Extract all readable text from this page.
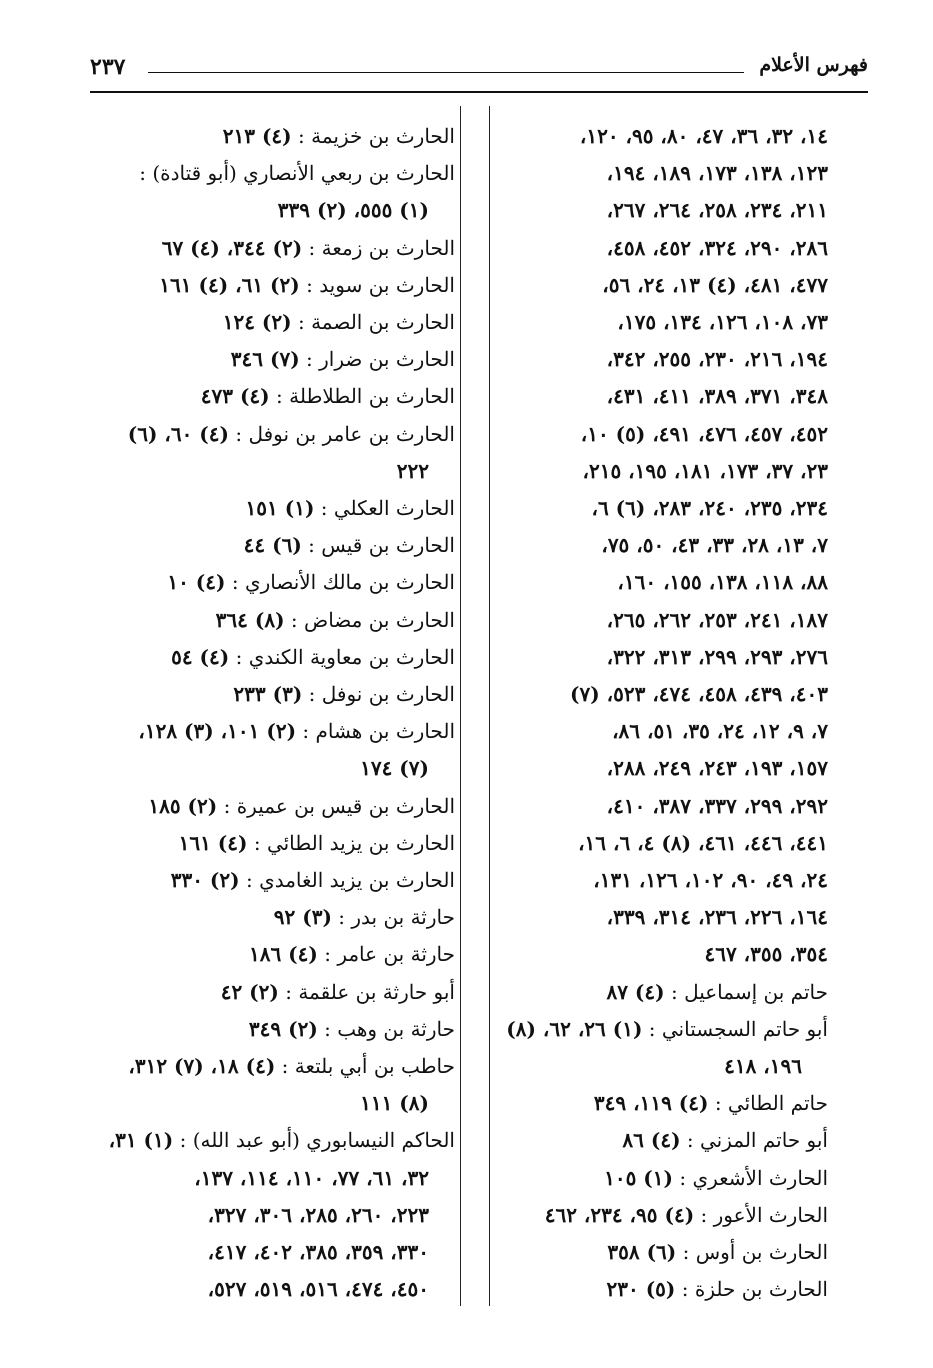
فهرس الأعلام
٢٣٧
١٤، ٣٢، ٣٦، ٤٧، ٨٠، ٩٥، ١٢٠،
١٢٣، ١٣٨، ١٧٣، ١٨٩، ١٩٤،
٢١١، ٢٣٤، ٢٥٨، ٢٦٤، ٢٦٧،
٢٨٦، ٢٩٠، ٣٢٤، ٤٥٢، ٤٥٨،
٤٧٧، ٤٨١، (٤) ١٣، ٢٤، ٥٦،
٧٣، ١٠٨، ١٢٦، ١٣٤، ١٧٥،
١٩٤، ٢١٦، ٢٣٠، ٢٥٥، ٣٤٢،
٣٤٨، ٣٧١، ٣٨٩، ٤١١، ٤٣١،
٤٥٢، ٤٥٧، ٤٧٦، ٤٩١، (٥) ١٠،
٢٣، ٣٧، ١٧٣، ١٨١، ١٩٥، ٢١٥،
٢٣٤، ٢٣٥، ٢٤٠، ٢٨٣، (٦) ٦،
٧، ١٣، ٢٨، ٣٣، ٤٣، ٥٠، ٧٥،
٨٨، ١١٨، ١٣٨، ١٥٥، ١٦٠،
١٨٧، ٢٤١، ٢٥٣، ٢٦٢، ٢٦٥،
٢٧٦، ٢٩٣، ٢٩٩، ٣١٣، ٣٢٢،
٤٠٣، ٤٣٩، ٤٥٨، ٤٧٤، ٥٢٣، (٧)
٧، ٩، ١٢، ٢٤، ٣٥، ٥١، ٨٦،
١٥٧، ١٩٣، ٢٤٣، ٢٤٩، ٢٨٨،
٢٩٢، ٢٩٩، ٣٣٧، ٣٨٧، ٤١٠،
٤٤١، ٤٤٦، ٤٦١، (٨) ٤، ٦، ١٦،
٢٤، ٤٩، ٩٠، ١٠٢، ١٢٦، ١٣١،
١٦٤، ٢٢٦، ٢٣٦، ٣١٤، ٣٣٩،
٣٥٤، ٣٥٥، ٤٦٧
حاتم بن إسماعيل : (٤) ٨٧
أبو حاتم السجستاني : (١) ٢٦، ٦٢، (٨)
١٩٦، ٤١٨
حاتم الطائي : (٤) ١١٩، ٣٤٩
أبو حاتم المزني : (٤) ٨٦
الحارث الأشعري : (١) ١٠٥
الحارث الأعور : (٤) ٩٥، ٢٣٤، ٤٦٢
الحارث بن أوس : (٦) ٣٥٨
الحارث بن حلزة : (٥) ٢٣٠
الحارث بن خزيمة : (٤) ٢١٣
الحارث بن ربعي الأنصاري (أبو قتادة) :
(١) ٥٥٥، (٢) ٣٣٩
الحارث بن زمعة : (٢) ٣٤٤، (٤) ٦٧
الحارث بن سويد : (٢) ٦١، (٤) ١٦١
الحارث بن الصمة : (٢) ١٢٤
الحارث بن ضرار : (٧) ٣٤٦
الحارث بن الطلاطلة : (٤) ٤٧٣
الحارث بن عامر بن نوفل : (٤) ٦٠، (٦)
٢٢٢
الحارث العكلي : (١) ١٥١
الحارث بن قيس : (٦) ٤٤
الحارث بن مالك الأنصاري : (٤) ١٠
الحارث بن مضاض : (٨) ٣٦٤
الحارث بن معاوية الكندي : (٤) ٥٤
الحارث بن نوفل : (٣) ٢٣٣
الحارث بن هشام : (٢) ١٠١، (٣) ١٢٨،
(٧) ١٧٤
الحارث بن قيس بن عميرة : (٢) ١٨٥
الحارث بن يزيد الطائي : (٤) ١٦١
الحارث بن يزيد الغامدي : (٢) ٣٣٠
حارثة بن بدر : (٣) ٩٢
حارثة بن عامر : (٤) ١٨٦
أبو حارثة بن علقمة : (٢) ٤٢
حارثة بن وهب : (٢) ٣٤٩
حاطب بن أبي بلتعة : (٤) ١٨، (٧) ٣١٢،
(٨) ١١١
الحاكم النيسابوري (أبو عبد الله) : (١) ٣١،
٣٢، ٦١، ٧٧، ١١٠، ١١٤، ١٣٧،
٢٢٣، ٢٦٠، ٢٨٥، ٣٠٦، ٣٢٧،
٣٣٠، ٣٥٩، ٣٨٥، ٤٠٢، ٤١٧،
٤٥٠، ٤٧٤، ٥١٦، ٥١٩، ٥٢٧،
